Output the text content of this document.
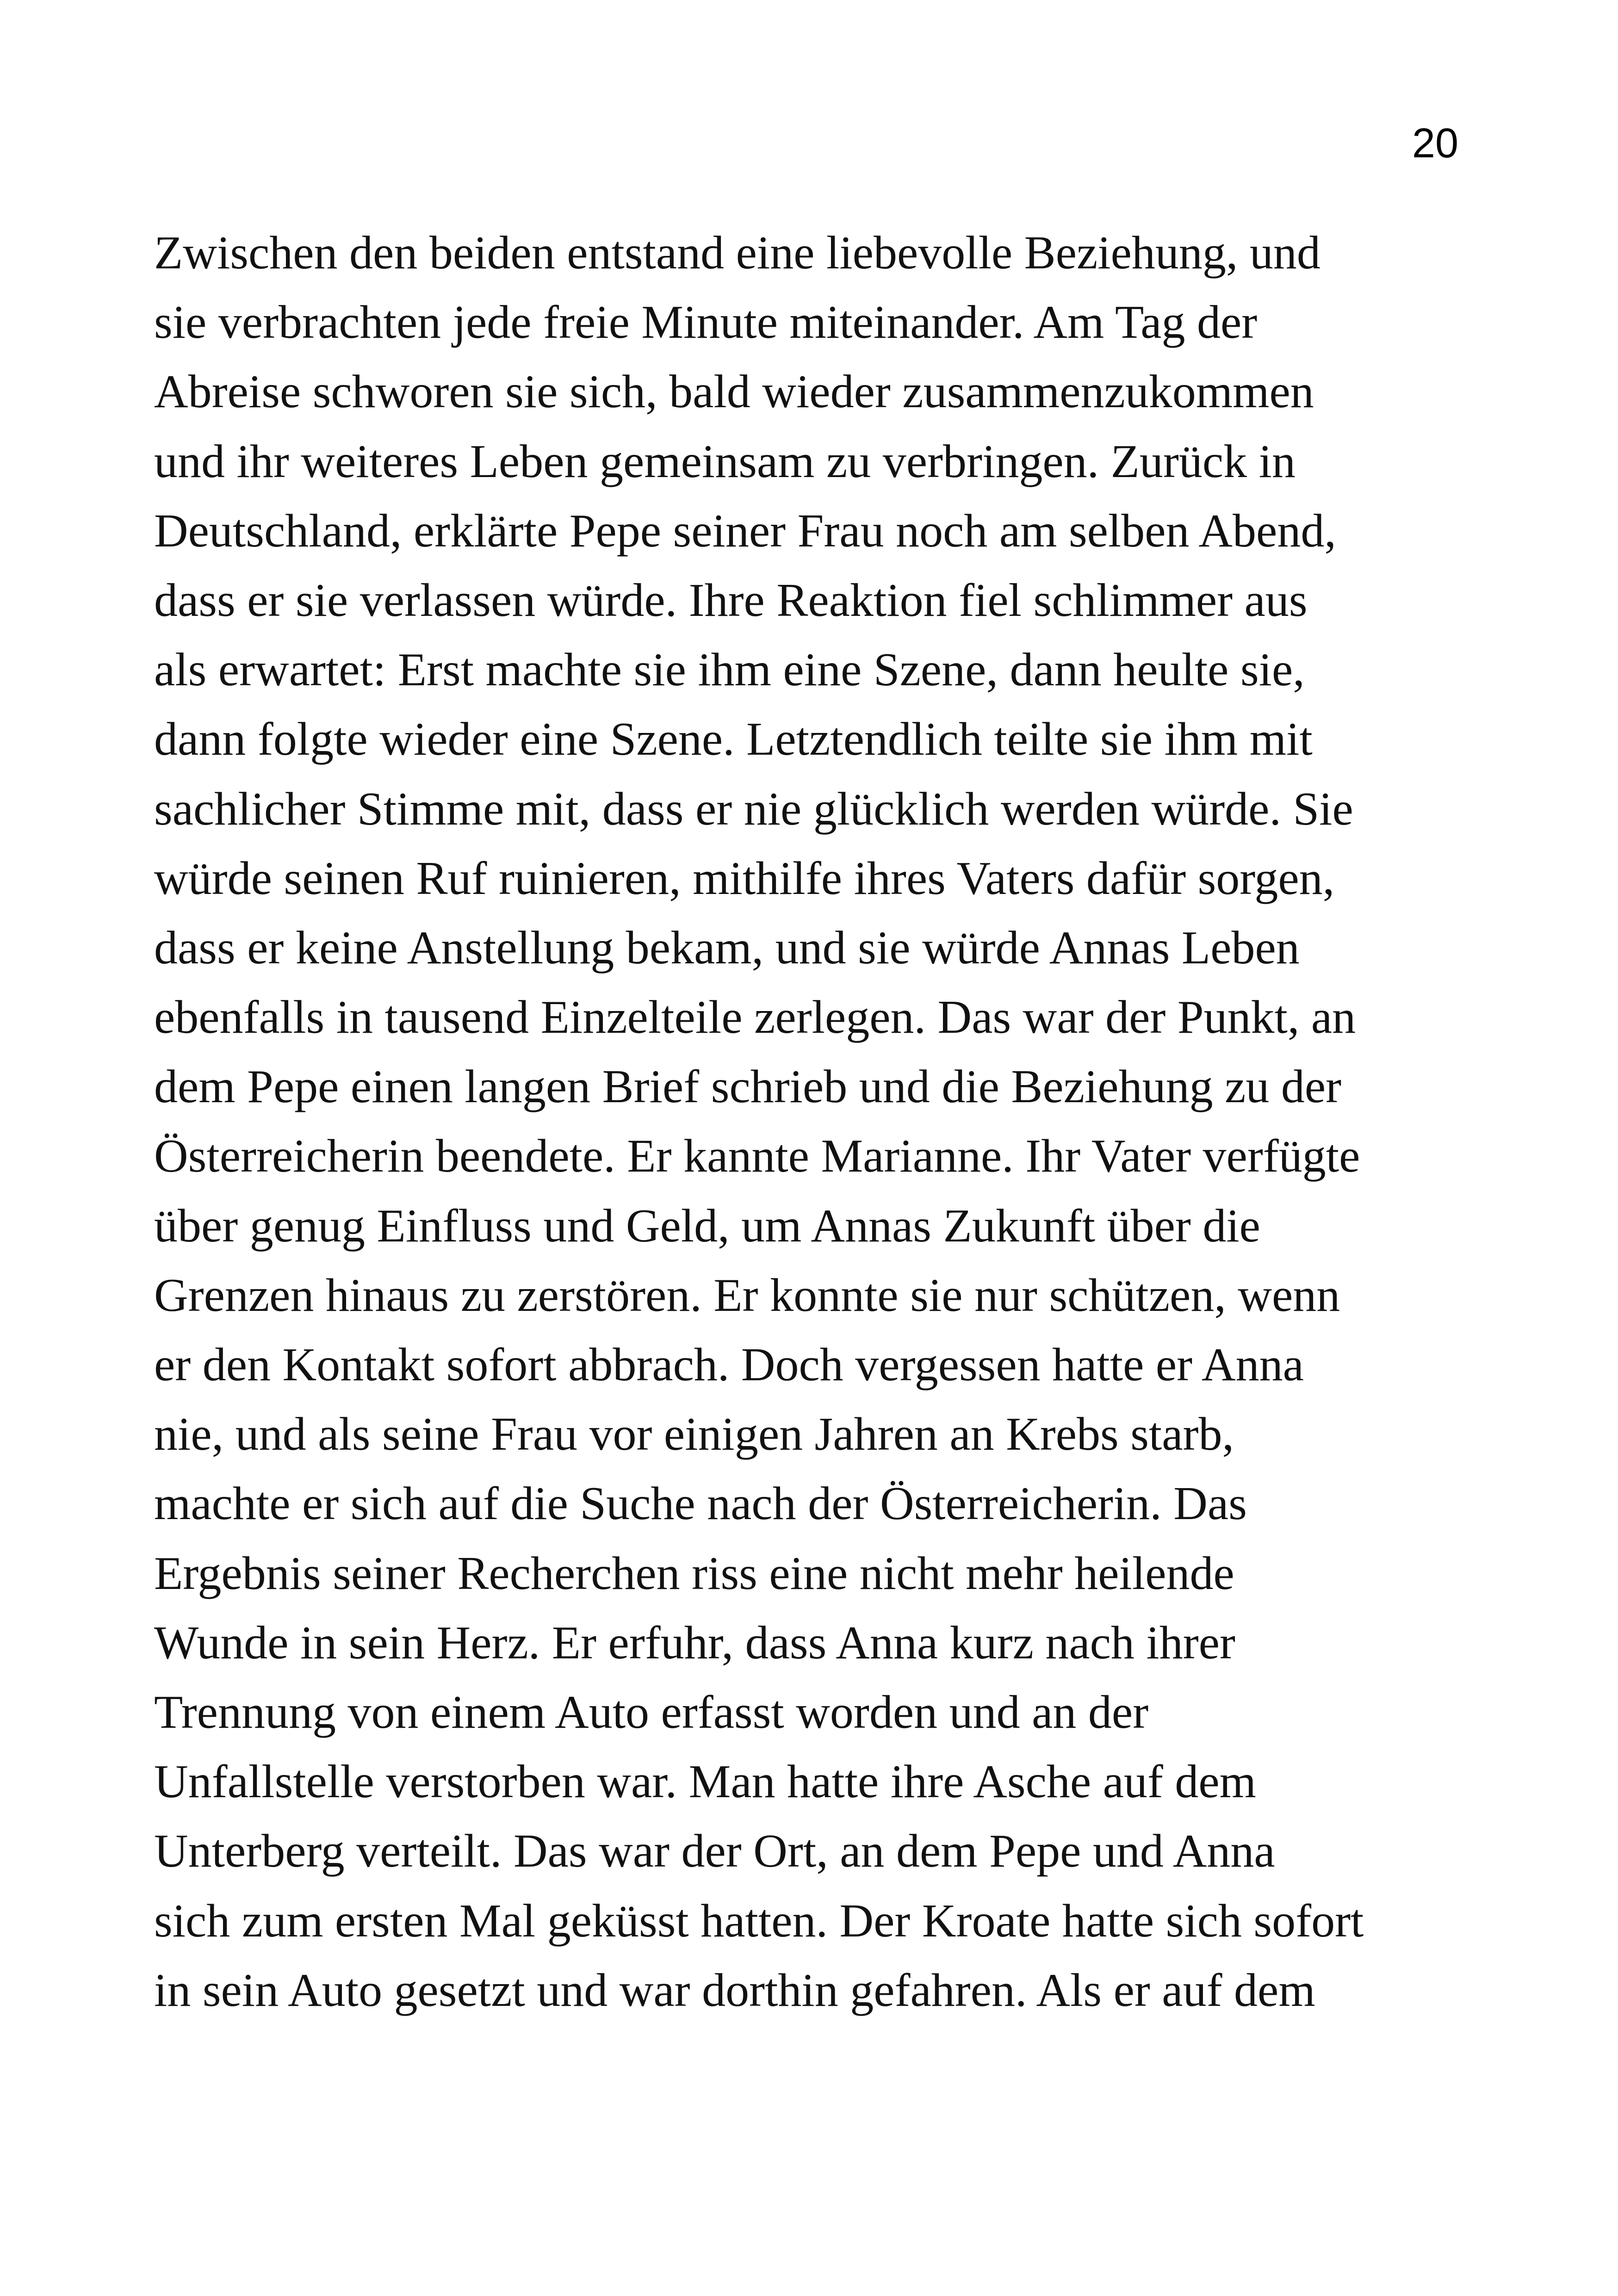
20
Zwischen den beiden entstand eine liebevolle Beziehung, und
sie verbrachten jede freie Minute miteinander. Am Tag der
Abreise schworen sie sich, bald wieder zusammenzukommen
und ihr weiteres Leben gemeinsam zu verbringen. Zurück in
Deutschland, erklärte Pepe seiner Frau noch am selben Abend,
dass er sie verlassen würde. Ihre Reaktion fiel schlimmer aus
als erwartet: Erst machte sie ihm eine Szene, dann heulte sie,
dann folgte wieder eine Szene. Letztendlich teilte sie ihm mit
sachlicher Stimme mit, dass er nie glücklich werden würde. Sie
würde seinen Ruf ruinieren, mithilfe ihres Vaters dafür sorgen,
dass er keine Anstellung bekam, und sie würde Annas Leben
ebenfalls in tausend Einzelteile zerlegen. Das war der Punkt, an
dem Pepe einen langen Brief schrieb und die Beziehung zu der
Österreicherin beendete. Er kannte Marianne. Ihr Vater verfügte
über genug Einfluss und Geld, um Annas Zukunft über die
Grenzen hinaus zu zerstören. Er konnte sie nur schützen, wenn
er den Kontakt sofort abbrach. Doch vergessen hatte er Anna
nie, und als seine Frau vor einigen Jahren an Krebs starb,
machte er sich auf die Suche nach der Österreicherin. Das
Ergebnis seiner Recherchen riss eine nicht mehr heilende
Wunde in sein Herz. Er erfuhr, dass Anna kurz nach ihrer
Trennung von einem Auto erfasst worden und an der
Unfallstelle verstorben war. Man hatte ihre Asche auf dem
Unterberg verteilt. Das war der Ort, an dem Pepe und Anna
sich zum ersten Mal geküsst hatten. Der Kroate hatte sich sofort
in sein Auto gesetzt und war dorthin gefahren. Als er auf dem
